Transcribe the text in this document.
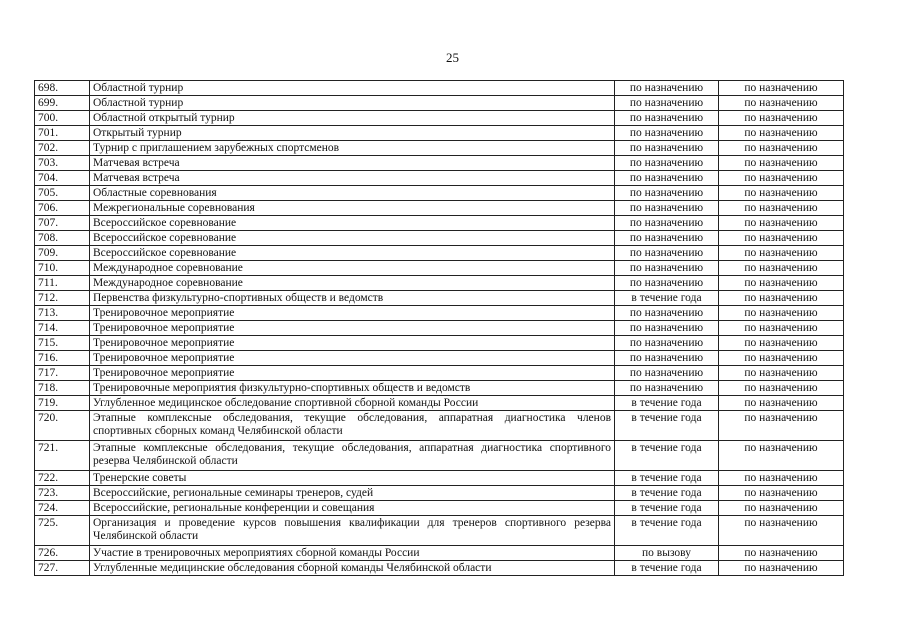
25
698.	Областной турнир	по назначению	по назначению
699.	Областной турнир	по назначению	по назначению
700.	Областной открытый турнир	по назначению	по назначению
701.	Открытый турнир	по назначению	по назначению
702.	Турнир с приглашением зарубежных спортсменов	по назначению	по назначению
703.	Матчевая встреча	по назначению	по назначению
704.	Матчевая встреча	по назначению	по назначению
705.	Областные соревнования	по назначению	по назначению
706.	Межрегиональные соревнования	по назначению	по назначению
707.	Всероссийское соревнование	по назначению	по назначению
708.	Всероссийское соревнование	по назначению	по назначению
709.	Всероссийское соревнование	по назначению	по назначению
710.	Международное соревнование	по назначению	по назначению
711.	Международное соревнование	по назначению	по назначению
712.	Первенства физкультурно-спортивных обществ и ведомств	в течение года	по назначению
713.	Тренировочное мероприятие	по назначению	по назначению
714.	Тренировочное мероприятие	по назначению	по назначению
715.	Тренировочное мероприятие	по назначению	по назначению
716.	Тренировочное мероприятие	по назначению	по назначению
717.	Тренировочное мероприятие	по назначению	по назначению
718.	Тренировочные мероприятия физкультурно-спортивных обществ и ведомств	по назначению	по назначению
719.	Углубленное медицинское обследование спортивной сборной команды России	в течение года	по назначению
720.	Этапные комплексные обследования, текущие обследования, аппаратная диагностика членов спортивных сборных команд Челябинской области	в течение года	по назначению
721.	Этапные комплексные обследования, текущие обследования, аппаратная диагностика спортивного резерва Челябинской области	в течение года	по назначению
722.	Тренерские советы	в течение года	по назначению
723.	Всероссийские, региональные семинары тренеров, судей	в течение года	по назначению
724.	Всероссийские, региональные конференции и совещания	в течение года	по назначению
725.	Организация и проведение курсов повышения квалификации для тренеров спортивного резерва Челябинской области	в течение года	по назначению
726.	Участие в тренировочных мероприятиях сборной команды России	по вызову	по назначению
727.	Углубленные медицинские обследования сборной команды Челябинской области	в течение года	по назначению
